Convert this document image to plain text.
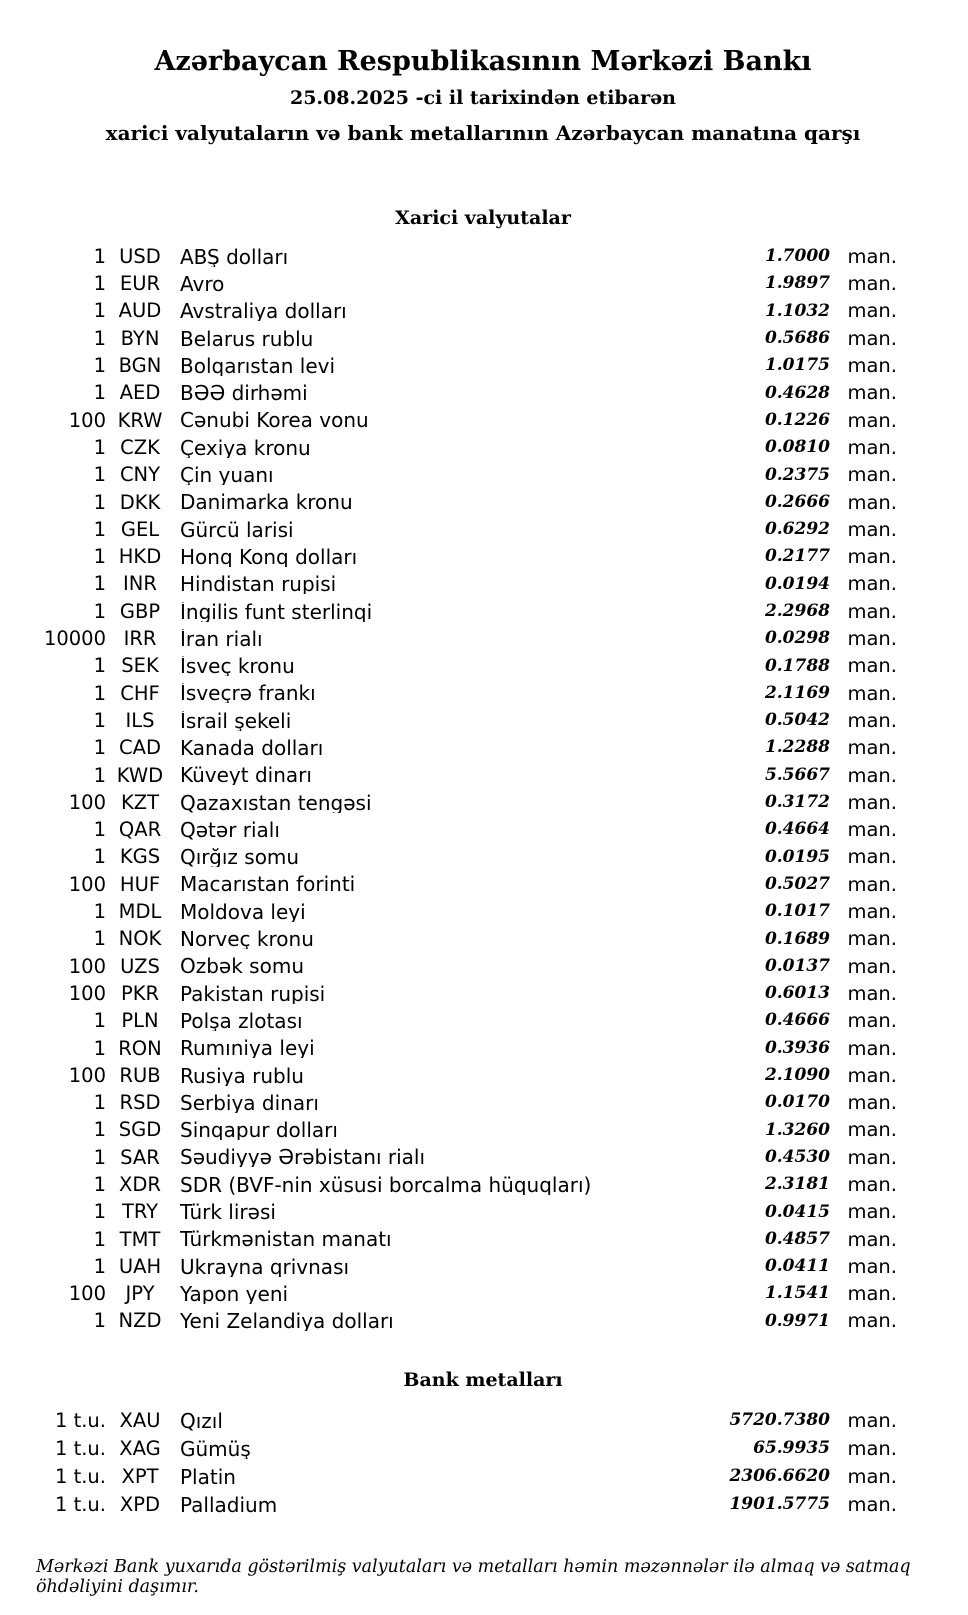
Azərbaycan Respublikasının Mərkəzi Bankı
25.08.2025 -ci il tarixindən etibarən
xarici valyutaların və bank metallarının Azərbaycan manatına qarşı
Xarici valyutalar
1 USD ABŞ dolları	1.7000 man.
1 EUR Avro	1.9897 man.
1 AUD Avstraliya dolları	1.1032 man.
1 BYN	Belarus rublu	0.5686 man.
1 BGN Bolqarıstan levi	1.0175 man.
1 AED BƏƏ dirhəmi	0.4628 man.
100 KRW Cənubi Korea vonu	0.1226 man.
1 CZK	Çexiya kronu	0.0810 man.
1 CNY Çin yuanı	0.2375 man.
1 DKK Danimarka kronu	0.2666 man.
1 GEL	Gürcü larisi	0.6292 man.
1 HKD Honq Konq dolları	0.2177 man.
1 INR	Hindistan rupisi	0.0194 man.
1 GBP İngilis funt sterlinqi	2.2968 man.
10000 IRR	İran rialı	0.0298 man.
1 SEK	İsveç kronu	0.1788 man.
1 CHF	İsveçrə frankı	2.1169 man.
1	ILS	İsrail şekeli	0.5042 man.
1 CAD Kanada dolları	1.2288 man.
1 KWD Küveyt dinarı	5.5667 man.
100 KZT	Qazaxıstan tengəsi	0.3172 man.
1 QAR Qətər rialı	0.4664 man.
1 KGS Qırğız somu	0.0195 man.
100 HUF Macarıstan forinti	0.5027 man.
1 MDL Moldova leyi	0.1017 man.
1 NOK Norveç kronu	0.1689 man.
100 UZS	Özbək somu	0.0137 man.
100 PKR	Pakistan rupisi	0.6013 man.
1 PLN	Polşa zlotası	0.4666 man.
1 RON Rumıniya leyi	0.3936 man.
100 RUB Rusiya rublu	2.1090 man.
1 RSD Serbiya dinarı	0.0170 man.
1 SGD Sinqapur dolları	1.3260 man.
1 SAR	Səudiyyə Ərəbistanı rialı	0.4530 man.
1 XDR SDR (BVF-nin xüsusi borcalma hüquqları)	2.3181 man.
1 TRY	Türk lirəsi	0.0415 man.
1 TMT Türkmənistan manatı	0.4857 man.
1 UAH Ukrayna qrivnası	0.0411 man.
100	JPY	Yapon yeni	1.1541 man.
1 NZD Yeni Zelandiya dolları	0.9971 man.
Bank metalları
1 t.u. XAU Qızıl	5720.7380 man.
1 t.u. XAG Gümüş	65.9935 man.
1 t.u. XPT	Platin	2306.6620 man.
1 t.u. XPD Palladium	1901.5775 man.
Mərkəzi Bank yuxarıda göstərilmiş valyutaları və metalları həmin məzənnələr ilə almaq və satmaq öhdəliyini daşımır.
